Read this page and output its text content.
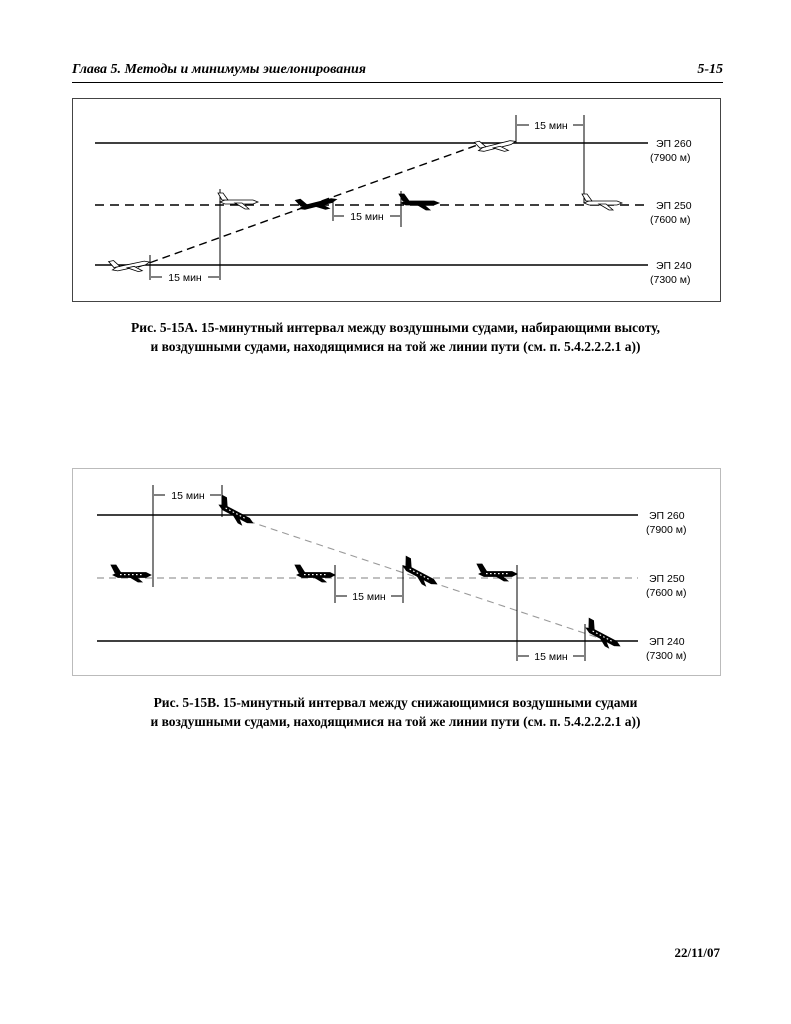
Глава 5. Методы и минимумы эшелонирования	5-15
15 мин
15 мин
15 мин
ЭП 260
(7900 м)
ЭП 250
(7600 м)
ЭП 240
(7300 м)
Рис. 5-15A. 15-минутный интервал между воздушными судами, набирающими высоту,
и воздушными судами, находящимися на той же линии пути (см. п. 5.4.2.2.2.1 a))
15 мин
15 мин
15 мин
ЭП 260
(7900 м)
ЭП 250
(7600 м)
ЭП 240
(7300 м)
Рис. 5-15B. 15-минутный интервал между снижающимися воздушными судами
и воздушными судами, находящимися на той же линии пути (см. п. 5.4.2.2.2.1 a))
22/11/07
